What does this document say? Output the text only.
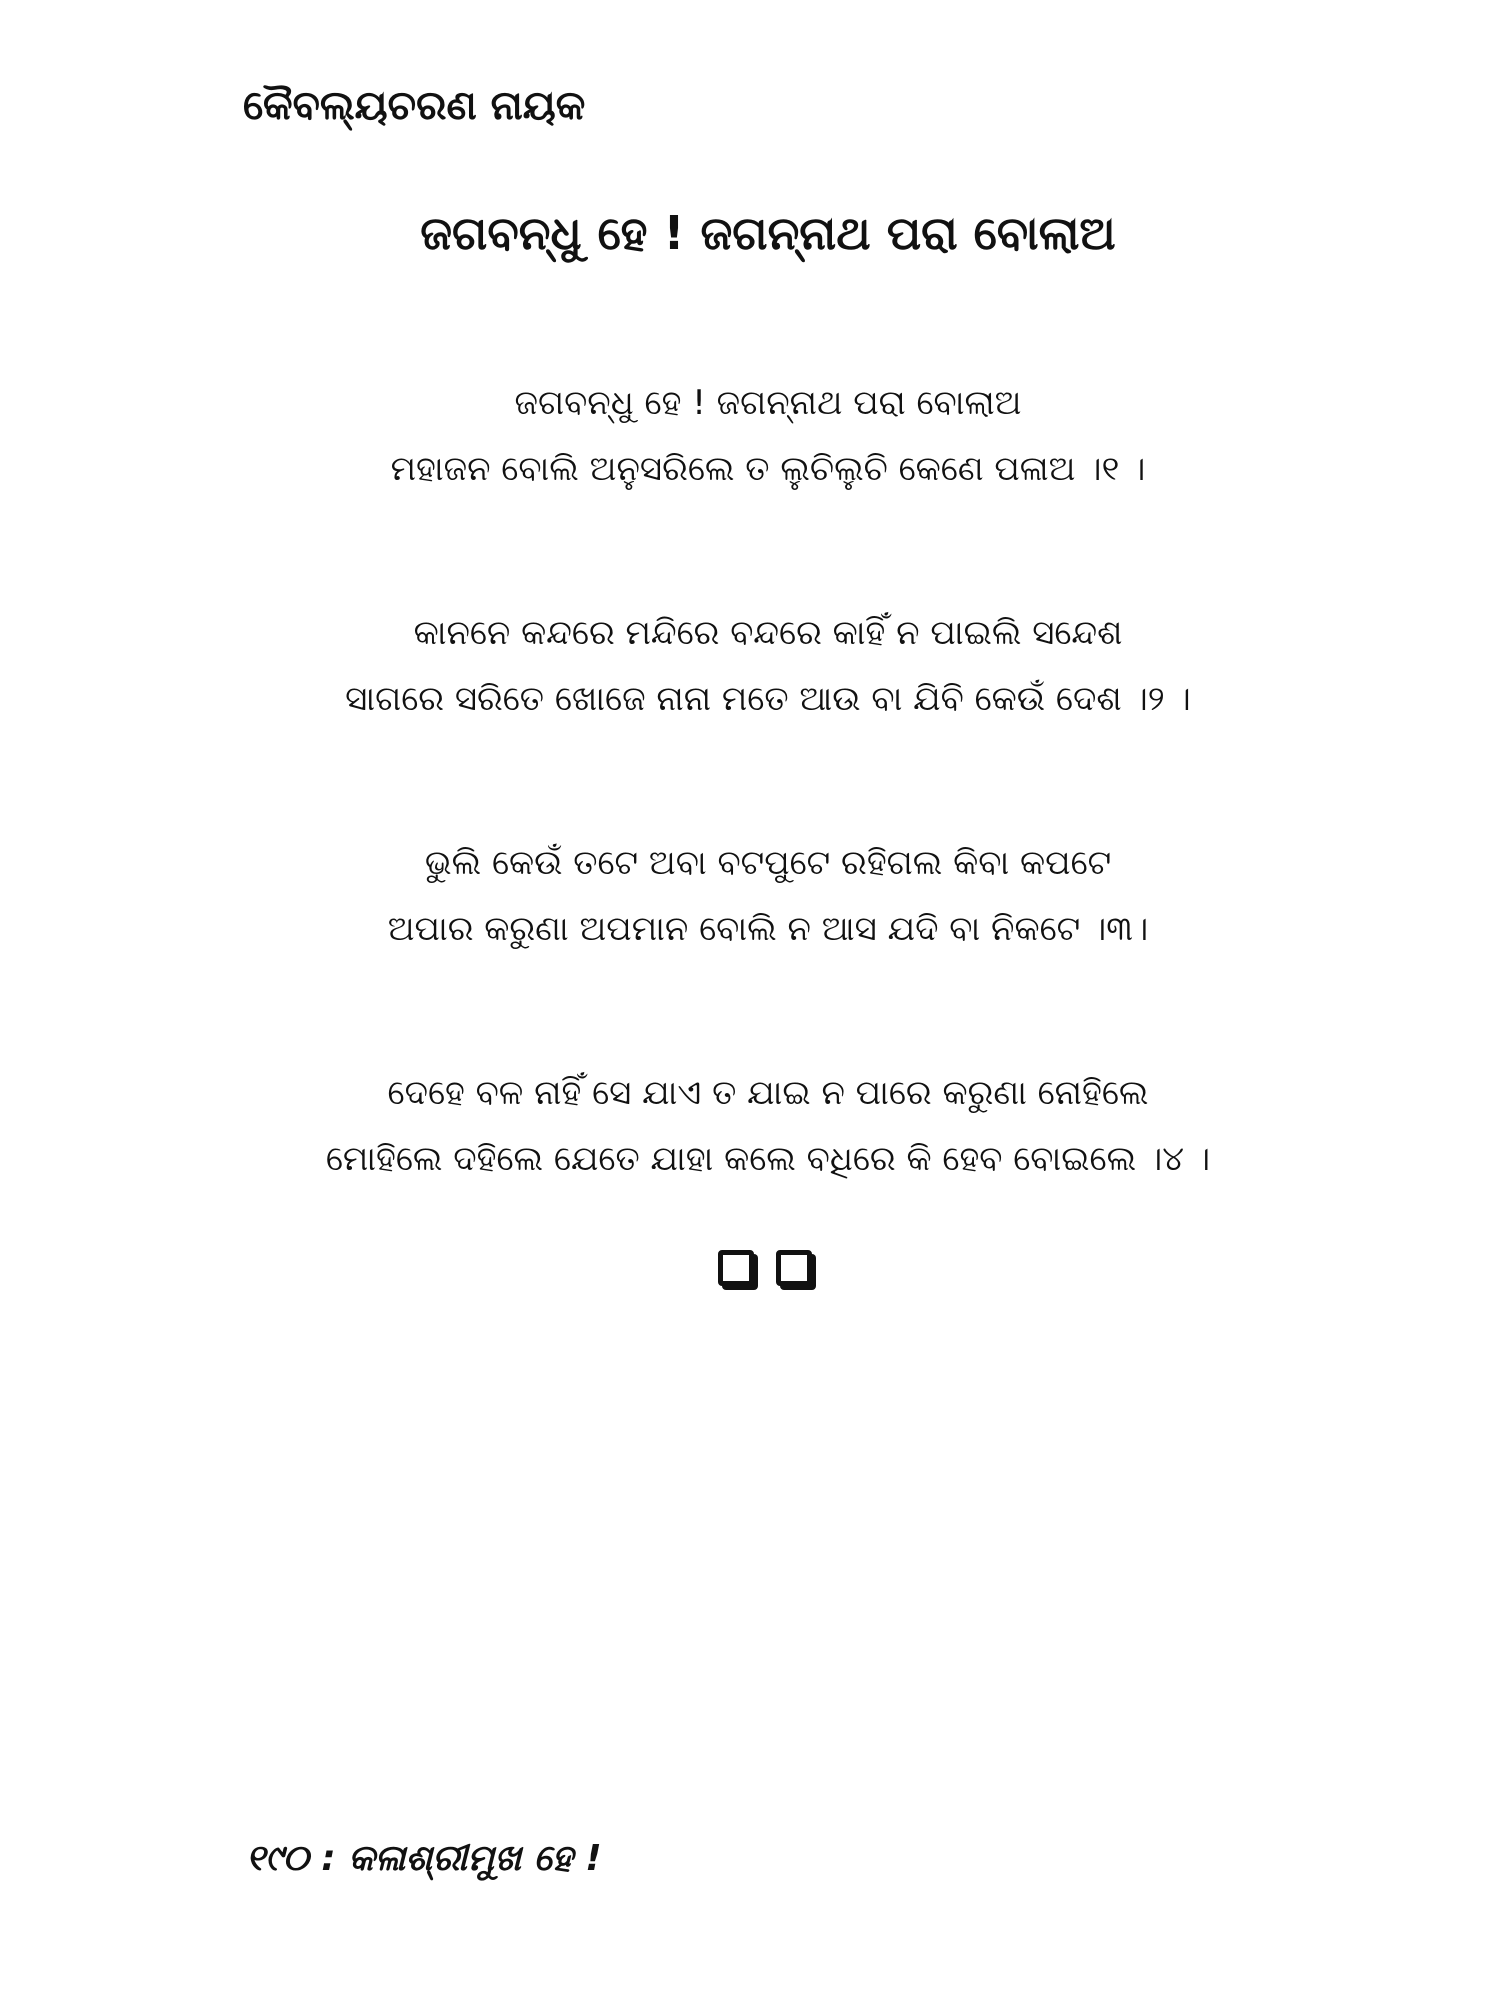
କୈବଲ୍ୟଚରଣ ନାୟକ
ଜଗବନ୍ଧୁ ହେ ! ଜଗନ୍ନାଥ ପରା ବୋଲାଅ

ଜଗବନ୍ଧୁ ହେ ! ଜଗନ୍ନାଥ ପରା ବୋଲାଅ

ମହାଜନ ବୋଲି ଅନୁସରିଲେ ତ ଲୁଚିଲୁଚି କେଣେ ପଳାଅ ।୧ ।

କାନନେ କନ୍ଦରେ ମନ୍ଦିରେ ବନ୍ଦରେ କାହିଁ ନ ପାଇଲି ସନ୍ଦେଶ

ସାଗରେ ସରିତେ ଖୋଜେ ନାନା ମତେ ଆଉ ବା ଯିବି କେଉଁ ଦେଶ ।୨ ।

ଭୁଲି କେଉଁ ତଟେ ଅବା ବଟପୁଟେ ରହିଗଲ କିବା କପଟେ

ଅପାର କରୁଣା ଅପମାନ ବୋଲି ନ ଆସ ଯଦି ବା ନିକଟେ ।୩।

ଦେହେ ବଳ ନାହିଁ ସେ ଯାଏ ତ ଯାଇ ନ ପାରେ କରୁଣା ନୋହିଲେ

ମୋହିଲେ ଦହିଲେ ଯେତେ ଯାହା କଲେ ବଧିରେ କି ହେବ ବୋଇଲେ ।୪ ।

୧୯୦ : କଳାଶ୍ରୀମୁଖ ହେ !
